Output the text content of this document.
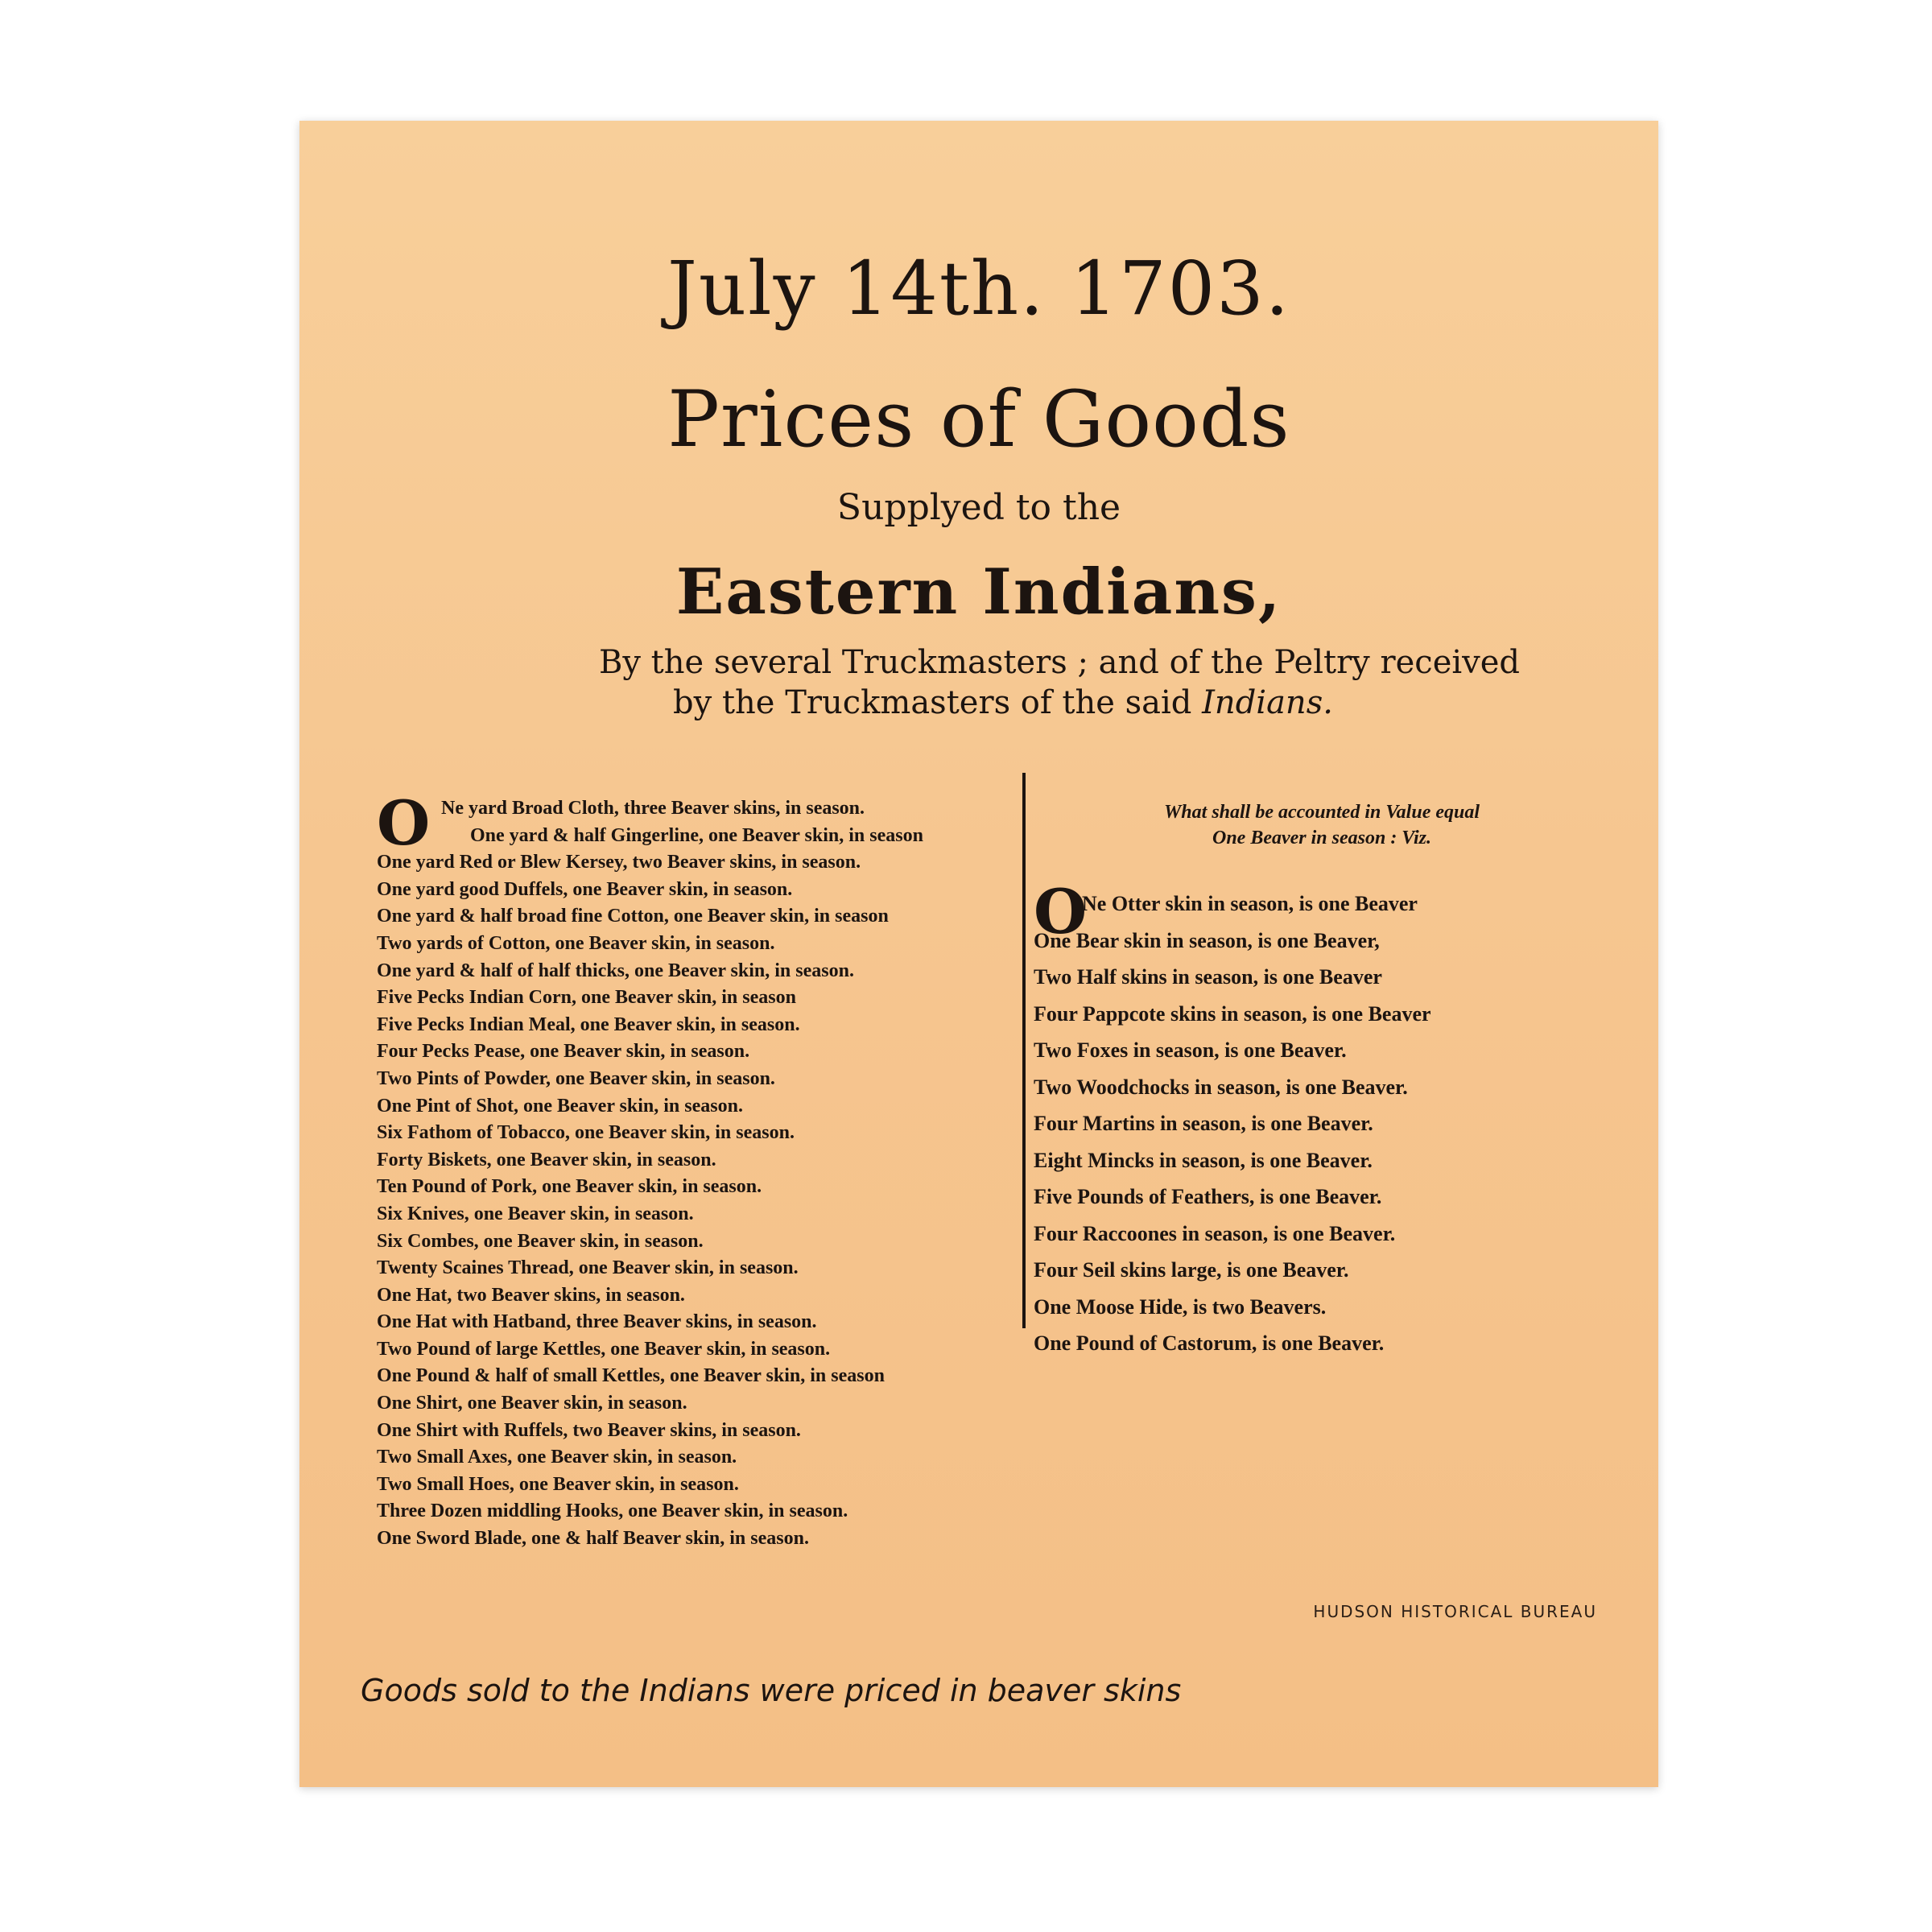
July 14th. 1703.
Prices of Goods
Supplyed to the
Eastern Indians,
By the several Truckmasters ; and of the Peltry received
by the Truckmasters of the said Indians.
O Ne yard Broad Cloth, three Beaver skins, in season.
One yard & half Gingerline, one Beaver skin, in season
One yard Red or Blew Kersey, two Beaver skins, in season.
One yard good Duffels, one Beaver skin, in season.
One yard & half broad fine Cotton, one Beaver skin, in season
Two yards of Cotton, one Beaver skin, in season.
One yard & half of half thicks, one Beaver skin, in season.
Five Pecks Indian Corn, one Beaver skin, in season
Five Pecks Indian Meal, one Beaver skin, in season.
Four Pecks Pease, one Beaver skin, in season.
Two Pints of Powder, one Beaver skin, in season.
One Pint of Shot, one Beaver skin, in season.
Six Fathom of Tobacco, one Beaver skin, in season.
Forty Biskets, one Beaver skin, in season.
Ten Pound of Pork, one Beaver skin, in season.
Six Knives, one Beaver skin, in season.
Six Combes, one Beaver skin, in season.
Twenty Scaines Thread, one Beaver skin, in season.
One Hat, two Beaver skins, in season.
One Hat with Hatband, three Beaver skins, in season.
Two Pound of large Kettles, one Beaver skin, in season.
One Pound & half of small Kettles, one Beaver skin, in season
One Shirt, one Beaver skin, in season.
One Shirt with Ruffels, two Beaver skins, in season.
Two Small Axes, one Beaver skin, in season.
Two Small Hoes, one Beaver skin, in season.
Three Dozen middling Hooks, one Beaver skin, in season.
One Sword Blade, one & half Beaver skin, in season.
What shall be accounted in Value equal
One Beaver in season : Viz.
O
Ne Otter skin in season, is one Beaver
One Bear skin in season, is one Beaver,
Two Half skins in season, is one Beaver
Four Pappcote skins in season, is one Beaver
Two Foxes in season, is one Beaver.
Two Woodchocks in season, is one Beaver.
Four Martins in season, is one Beaver.
Eight Mincks in season, is one Beaver.
Five Pounds of Feathers, is one Beaver.
Four Raccoones in season, is one Beaver.
Four Seil skins large, is one Beaver.
One Moose Hide, is two Beavers.
One Pound of Castorum, is one Beaver.
HUDSON HISTORICAL BUREAU
Goods sold to the Indians were priced in beaver skins
